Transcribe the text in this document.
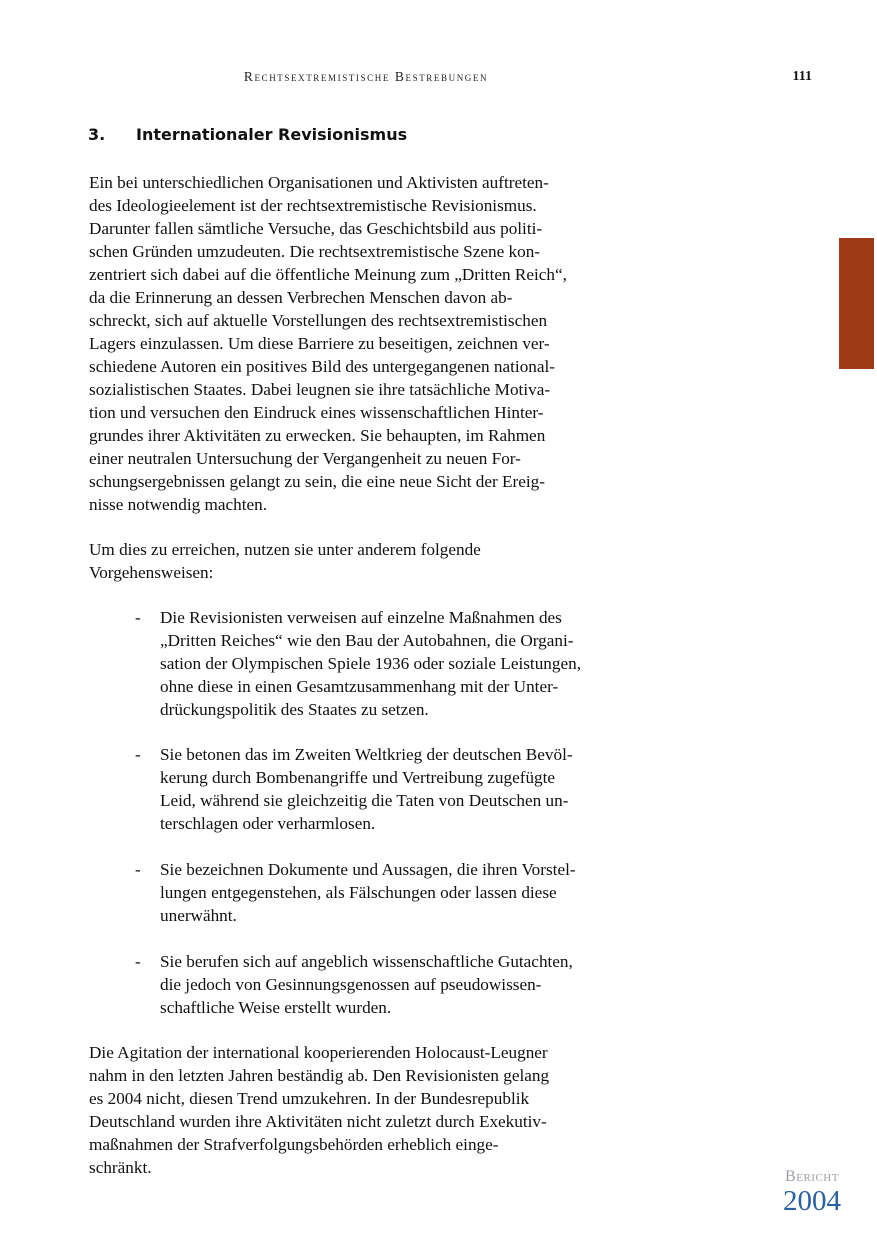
Rechtsextremistische Bestrebungen	111
3. Internationaler Revisionismus
Ein bei unterschiedlichen Organisationen und Aktivisten auftreten-
des Ideologieelement ist der rechtsextremistische Revisionismus.
Darunter fallen sämtliche Versuche, das Geschichtsbild aus politi-
schen Gründen umzudeuten. Die rechtsextremistische Szene kon-
zentriert sich dabei auf die öffentliche Meinung zum „Dritten Reich“,
da die Erinnerung an dessen Verbrechen Menschen davon ab-
schreckt, sich auf aktuelle Vorstellungen des rechtsextremistischen
Lagers einzulassen. Um diese Barriere zu beseitigen, zeichnen ver-
schiedene Autoren ein positives Bild des untergegangenen national-
sozialistischen Staates. Dabei leugnen sie ihre tatsächliche Motiva-
tion und versuchen den Eindruck eines wissenschaftlichen Hinter-
grundes ihrer Aktivitäten zu erwecken. Sie behaupten, im Rahmen
einer neutralen Untersuchung der Vergangenheit zu neuen For-
schungsergebnissen gelangt zu sein, die eine neue Sicht der Ereig-
nisse notwendig machten.
Um dies zu erreichen, nutzen sie unter anderem folgende
Vorgehensweisen:
- Die Revisionisten verweisen auf einzelne Maßnahmen des
„Dritten Reiches“ wie den Bau der Autobahnen, die Organi-
sation der Olympischen Spiele 1936 oder soziale Leistungen,
ohne diese in einen Gesamtzusammenhang mit der Unter-
drückungspolitik des Staates zu setzen.
- Sie betonen das im Zweiten Weltkrieg der deutschen Bevöl-
kerung durch Bombenangriffe und Vertreibung zugefügte
Leid, während sie gleichzeitig die Taten von Deutschen un-
terschlagen oder verharmlosen.
- Sie bezeichnen Dokumente und Aussagen, die ihren Vorstel-
lungen entgegenstehen, als Fälschungen oder lassen diese
unerwähnt.
- Sie berufen sich auf angeblich wissenschaftliche Gutachten,
die jedoch von Gesinnungsgenossen auf pseudowissen-
schaftliche Weise erstellt wurden.
Die Agitation der international kooperierenden Holocaust-Leugner
nahm in den letzten Jahren beständig ab. Den Revisionisten gelang
es 2004 nicht, diesen Trend umzukehren. In der Bundesrepublik
Deutschland wurden ihre Aktivitäten nicht zuletzt durch Exekutiv-
maßnahmen der Strafverfolgungsbehörden erheblich einge-
schränkt.	Bericht
2004
